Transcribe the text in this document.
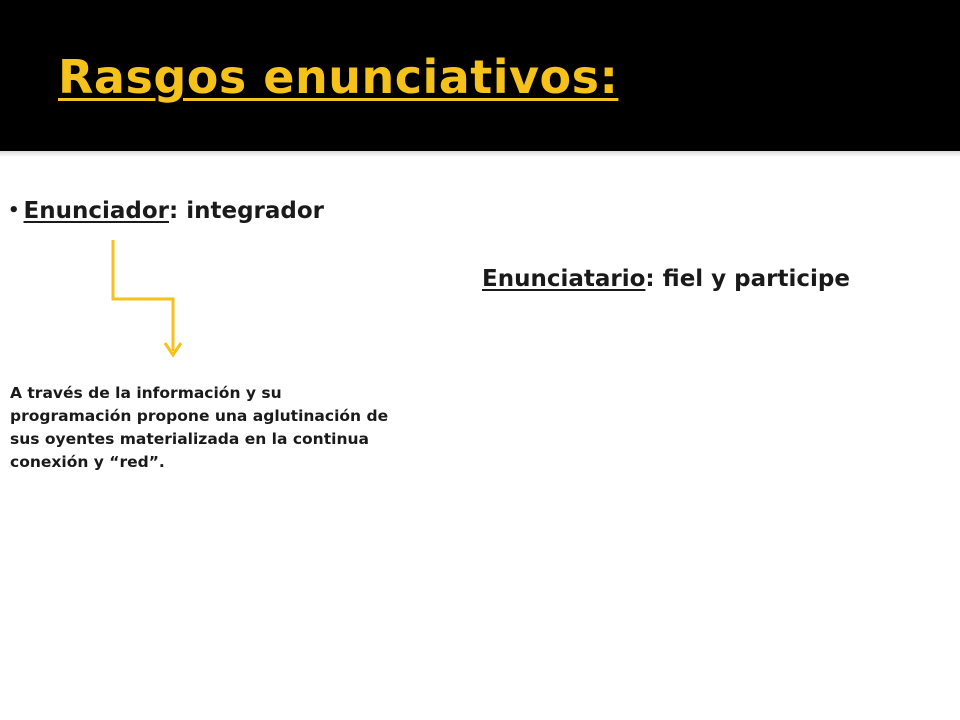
Rasgos enunciativos:
• Enunciador: integrador
Enunciatario: fiel y participe

A través de la información y su
programación propone una aglutinación de
sus oyentes materializada en la continua
conexión y “red”.
